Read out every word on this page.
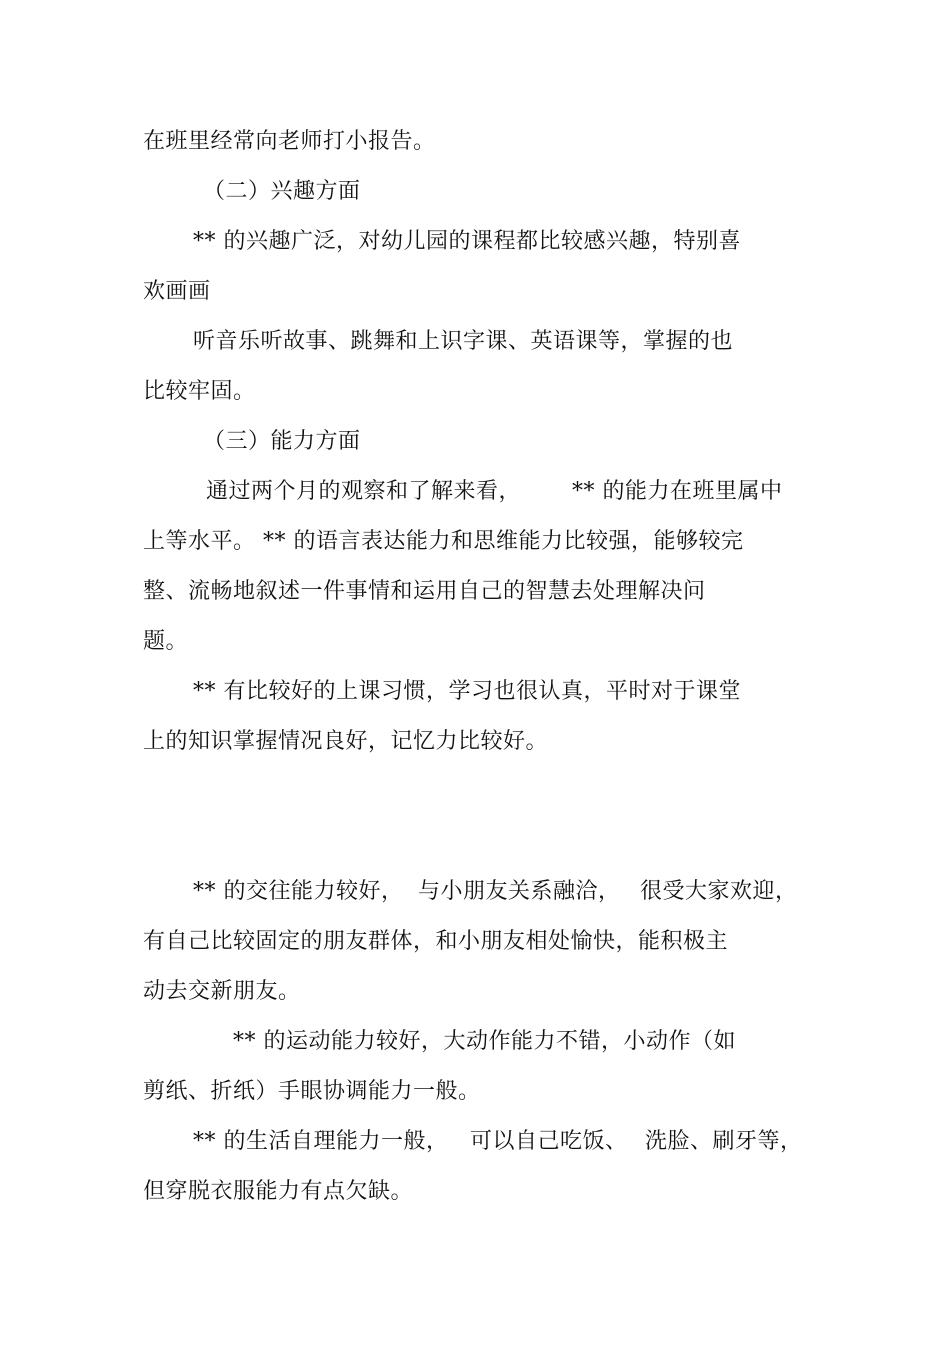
在班里经常向老师打小报告。
（二）兴趣方面
** 的兴趣广泛，对幼儿园的课程都比较感兴趣，特别喜
欢画画
听音乐听故事、跳舞和上识字课、英语课等，掌握的也
比较牢固。
（三）能力方面
通过两个月的观察和了解来看， ** 的能力在班里属中
上等水平。 ** 的语言表达能力和思维能力比较强，能够较完
整、流畅地叙述一件事情和运用自己的智慧去处理解决问
题。
** 有比较好的上课习惯，学习也很认真，平时对于课堂
上的知识掌握情况良好，记忆力比较好。
** 的交往能力较好， 与小朋友关系融洽， 很受大家欢迎，
有自己比较固定的朋友群体，和小朋友相处愉快，能积极主
动去交新朋友。
** 的运动能力较好，大动作能力不错，小动作（如
剪纸、折纸）手眼协调能力一般。
** 的生活自理能力一般， 可以自己吃饭、 洗脸、刷牙等，
但穿脱衣服能力有点欠缺。
